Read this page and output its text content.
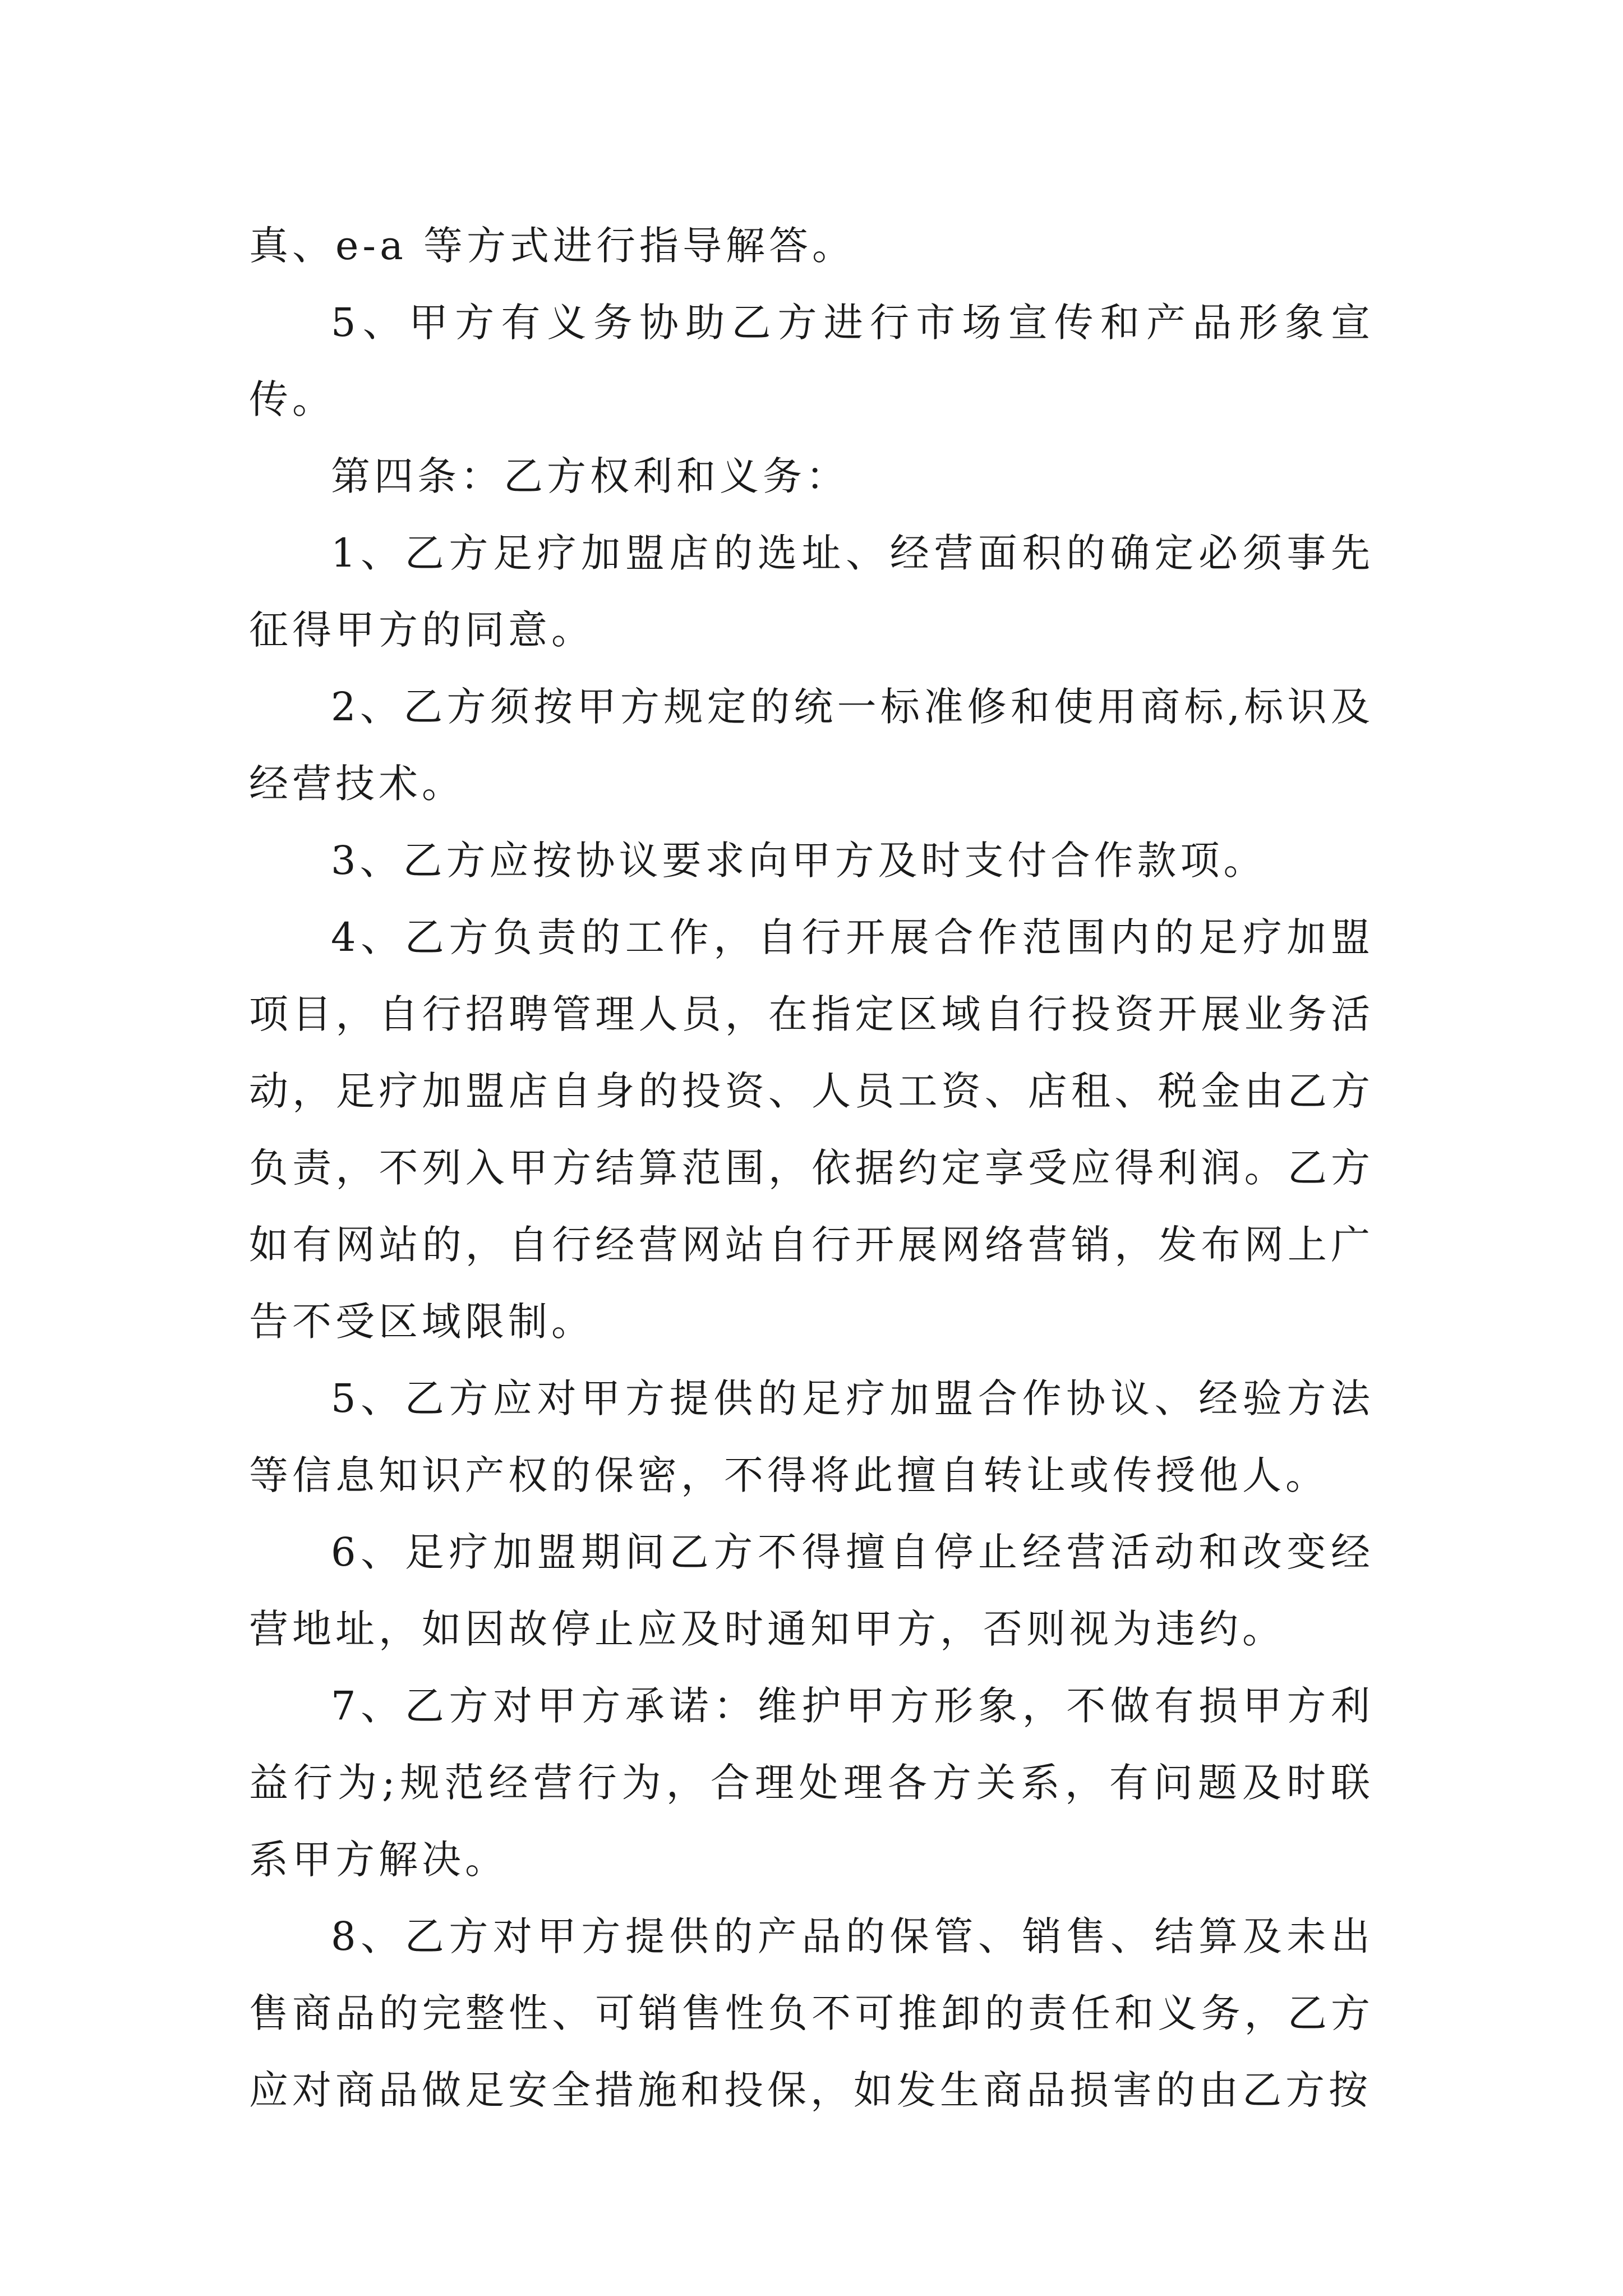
真、e-a 等方式进行指导解答。

5、甲方有义务协助乙方进行市场宣传和产品形象宣传。

第四条：乙方权利和义务：

1、乙方足疗加盟店的选址、经营面积的确定必须事先征得甲方的同意。

2、乙方须按甲方规定的统一标准修和使用商标,标识及经营技术。

3、乙方应按协议要求向甲方及时支付合作款项。

4、乙方负责的工作，自行开展合作范围内的足疗加盟项目，自行招聘管理人员，在指定区域自行投资开展业务活动，足疗加盟店自身的投资、人员工资、店租、税金由乙方负责，不列入甲方结算范围，依据约定享受应得利润。乙方如有网站的，自行经营网站自行开展网络营销，发布网上广告不受区域限制。

5、乙方应对甲方提供的足疗加盟合作协议、经验方法等信息知识产权的保密，不得将此擅自转让或传授他人。

6、足疗加盟期间乙方不得擅自停止经营活动和改变经营地址，如因故停止应及时通知甲方，否则视为违约。

7、乙方对甲方承诺：维护甲方形象，不做有损甲方利益行为;规范经营行为，合理处理各方关系，有问题及时联系甲方解决。

8、乙方对甲方提供的产品的保管、销售、结算及未出售商品的完整性、可销售性负不可推卸的责任和义务，乙方应对商品做足安全措施和投保，如发生商品损害的由乙方按
